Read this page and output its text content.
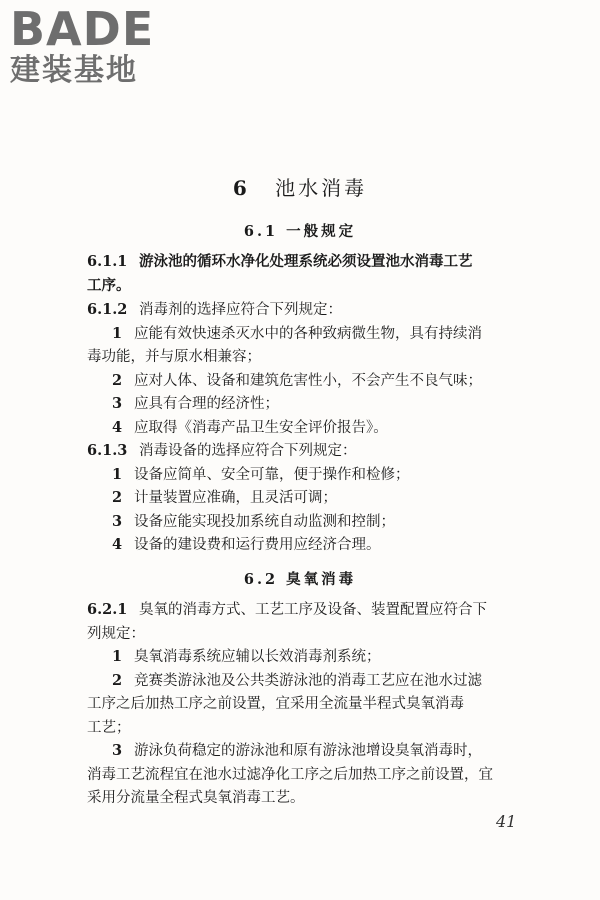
BADE
建装基地
6 池水消毒
6.1 一般规定
6.1.1 游泳池的循环水净化处理系统必须设置池水消毒工艺
工序。
6.1.2 消毒剂的选择应符合下列规定：
1 应能有效快速杀灭水中的各种致病微生物，具有持续消
毒功能，并与原水相兼容；
2 应对人体、设备和建筑危害性小，不会产生不良气味；
3 应具有合理的经济性；
4 应取得《消毒产品卫生安全评价报告》。
6.1.3 消毒设备的选择应符合下列规定：
1 设备应简单、安全可靠，便于操作和检修；
2 计量装置应准确，且灵活可调；
3 设备应能实现投加系统自动监测和控制；
4 设备的建设费和运行费用应经济合理。
6.2 臭氧消毒
6.2.1 臭氧的消毒方式、工艺工序及设备、装置配置应符合下
列规定：
1 臭氧消毒系统应辅以长效消毒剂系统；
2 竞赛类游泳池及公共类游泳池的消毒工艺应在池水过滤
工序之后加热工序之前设置，宜采用全流量半程式臭氧消毒
工艺；
3 游泳负荷稳定的游泳池和原有游泳池增设臭氧消毒时，
消毒工艺流程宜在池水过滤净化工序之后加热工序之前设置，宜
采用分流量全程式臭氧消毒工艺。
41
